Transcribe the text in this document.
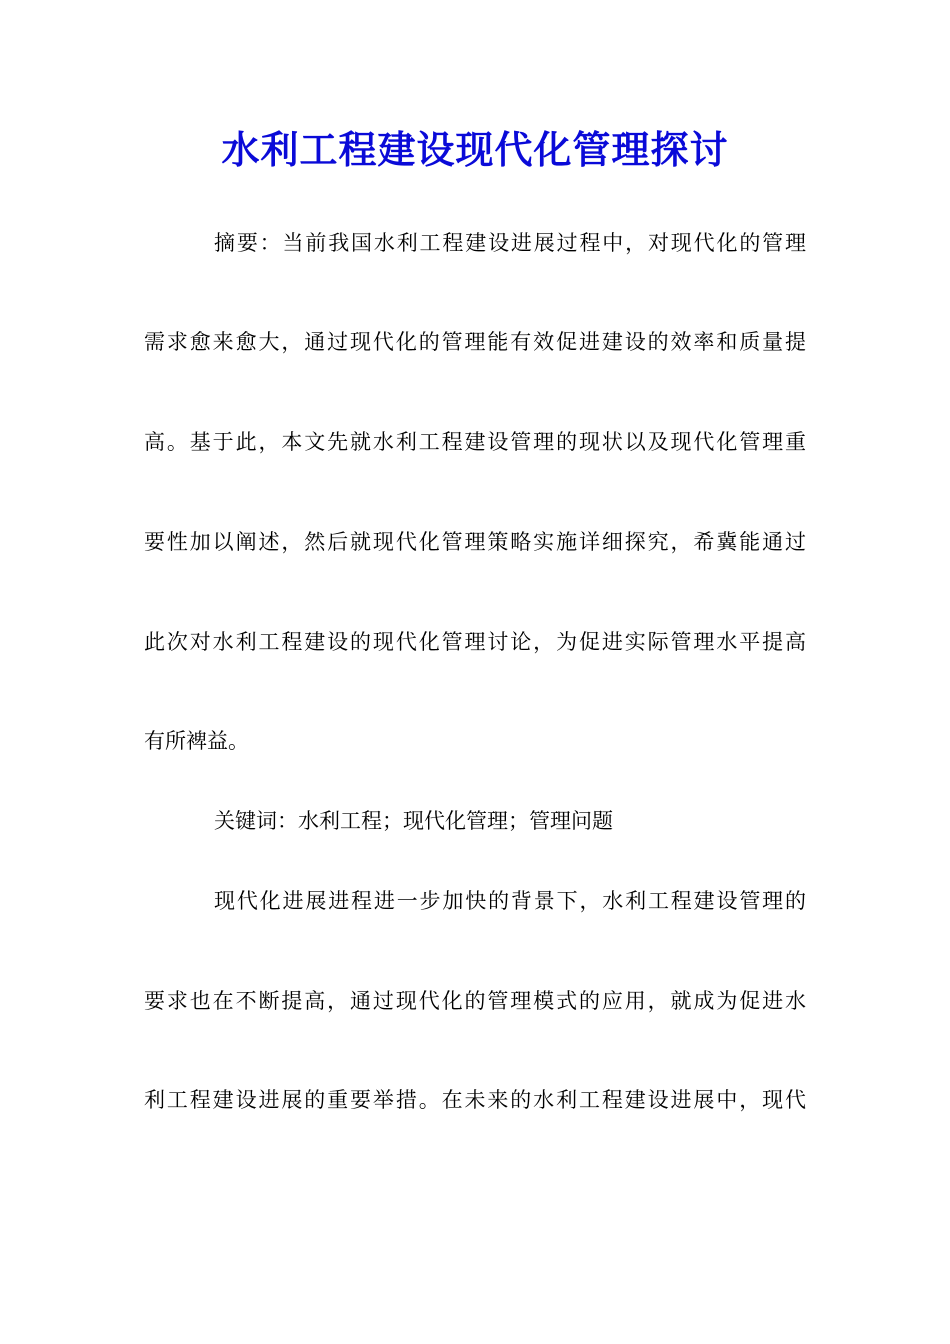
水利工程建设现代化管理探讨
摘要：当前我国水利工程建设进展过程中，对现代化的管理
需求愈来愈大，通过现代化的管理能有效促进建设的效率和质量提
高。基于此，本文先就水利工程建设管理的现状以及现代化管理重
要性加以阐述，然后就现代化管理策略实施详细探究，希冀能通过
此次对水利工程建设的现代化管理讨论，为促进实际管理水平提高
有所裨益。
关键词：水利工程；现代化管理；管理问题
现代化进展进程进一步加快的背景下，水利工程建设管理的
要求也在不断提高，通过现代化的管理模式的应用，就成为促进水
利工程建设进展的重要举措。在未来的水利工程建设进展中，现代
